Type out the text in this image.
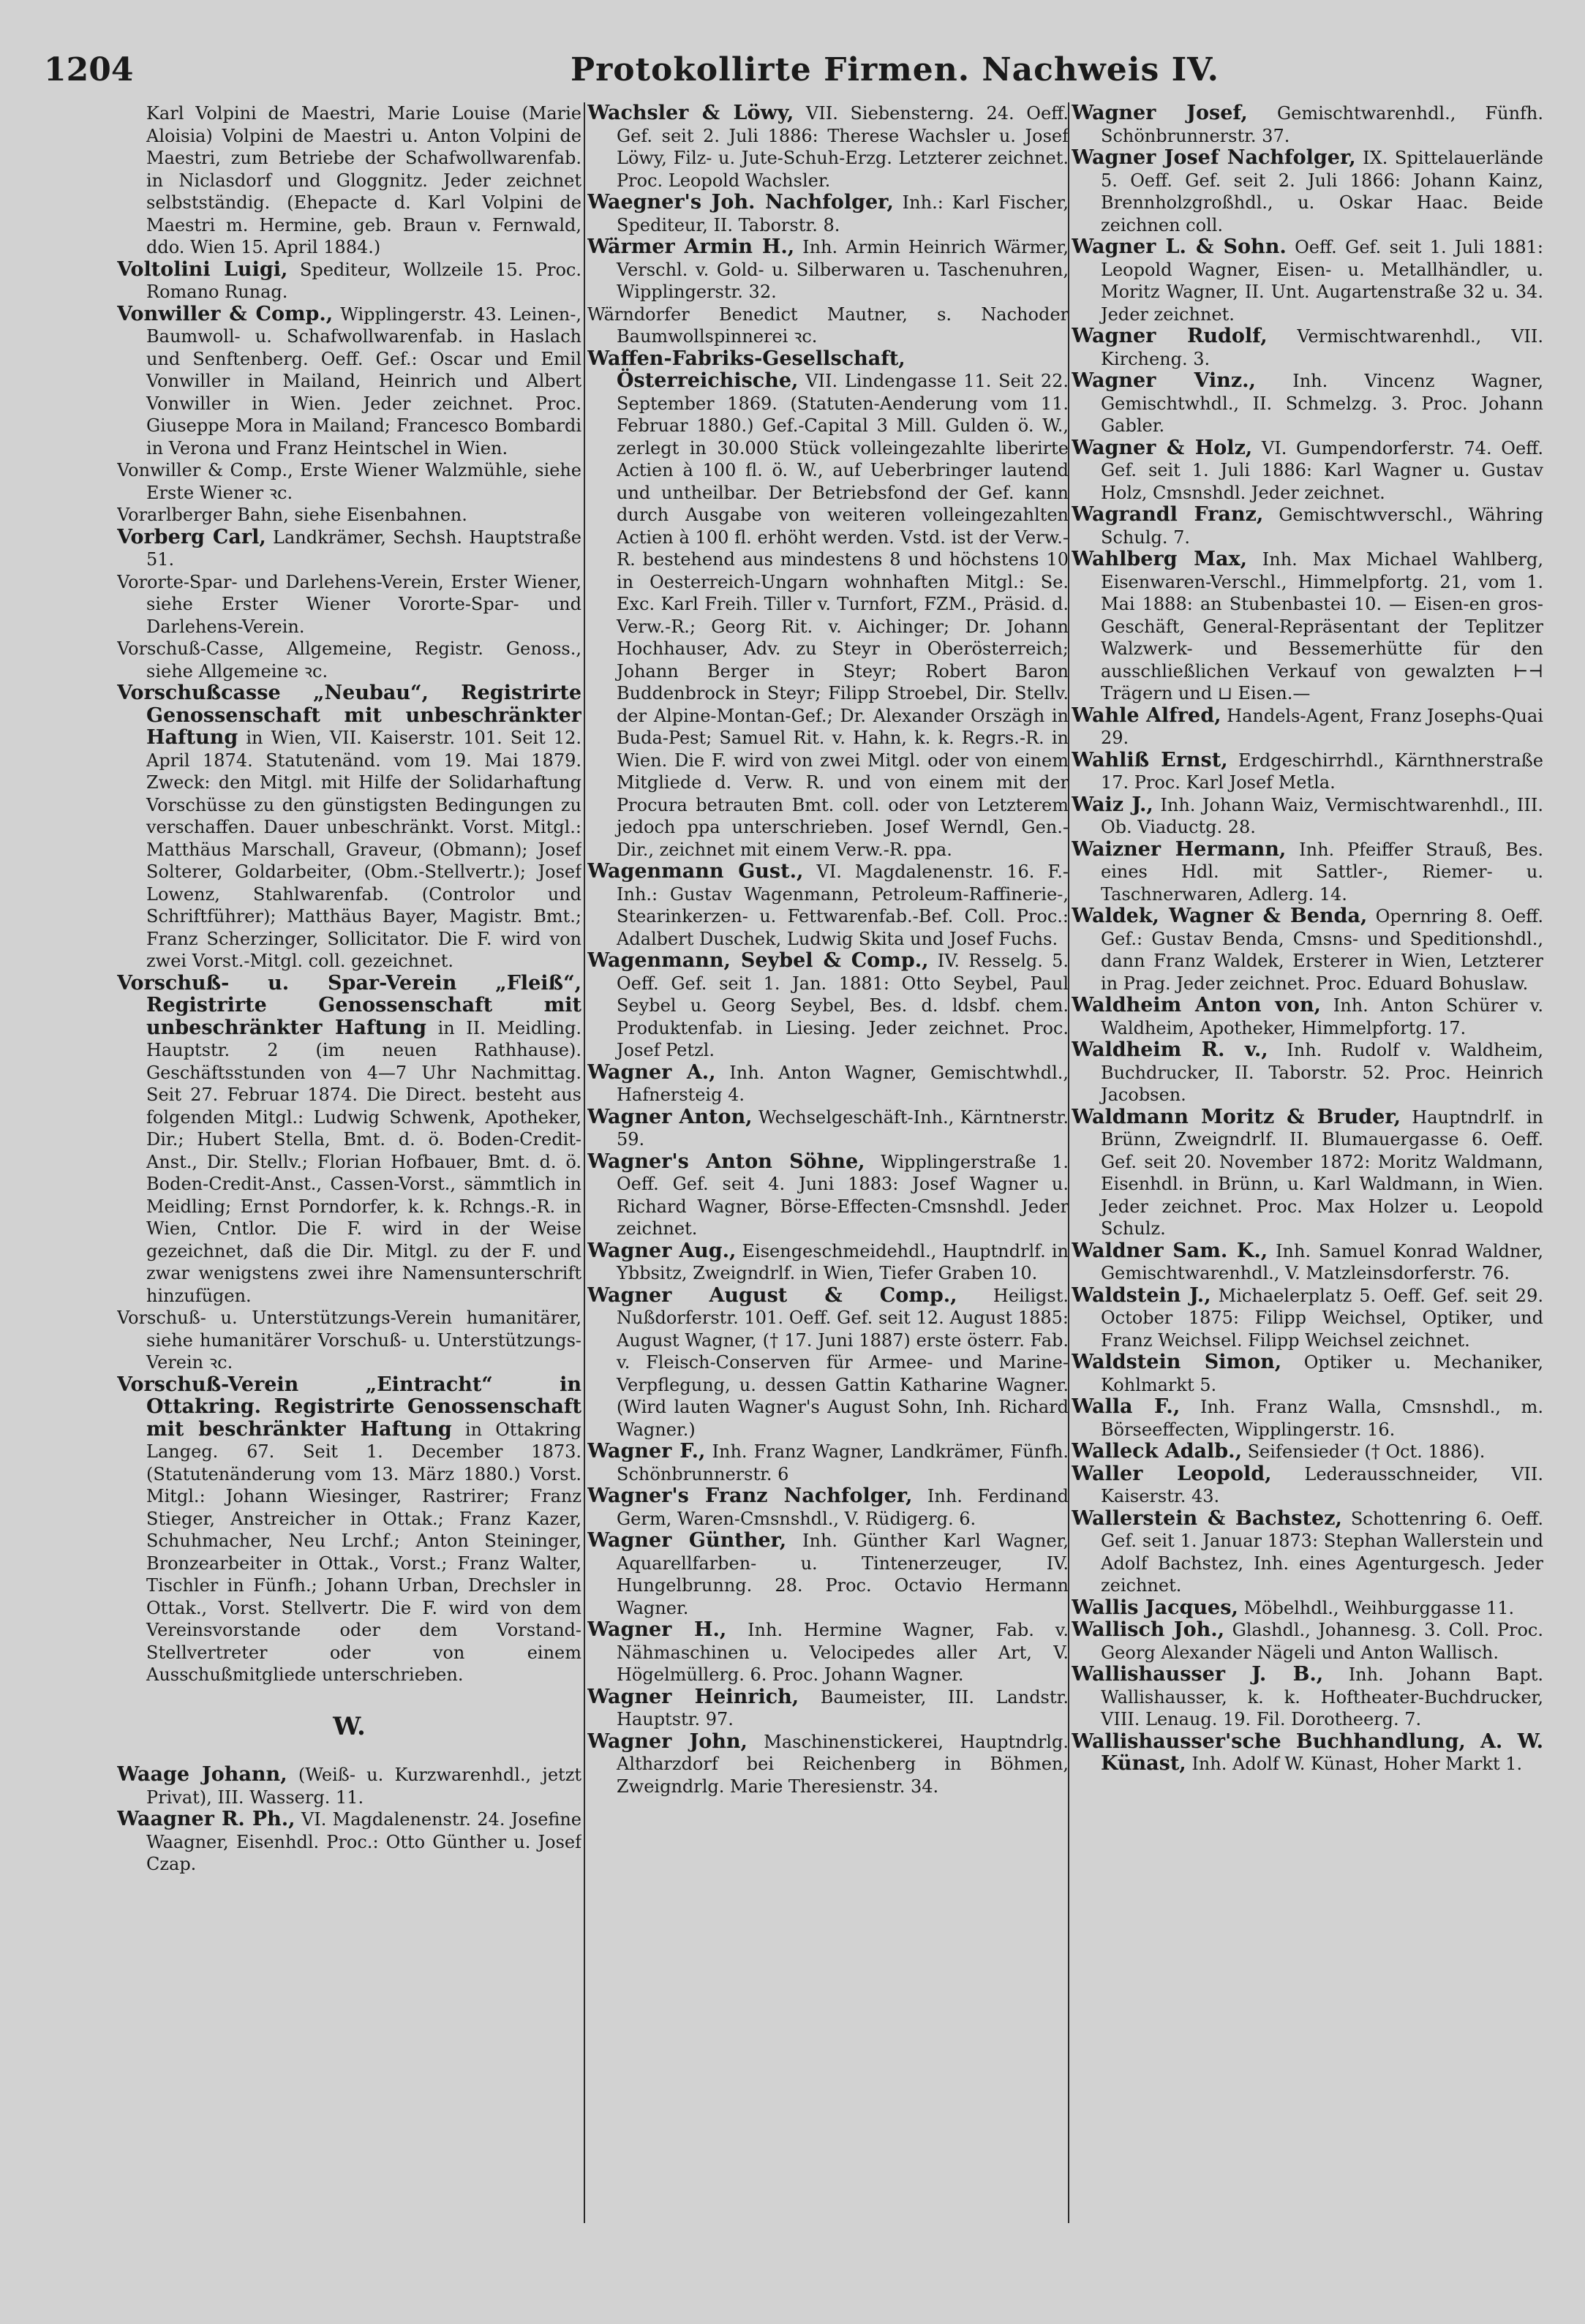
1204	Protokollirte Firmen. Nachweis IV.

Karl Volpini de Maestri, Marie Louise (Marie Aloisia) Volpini de Maestri u. Anton Volpini de Maestri, zum Betriebe der Schafwollwarenfab. in Niclasdorf und Gloggnitz. Jeder zeichnet selbstständig. (Ehepacte d. Karl Volpini de Maestri m. Hermine, geb. Braun v. Fernwald, ddo. Wien 15. April 1884.)

Voltolini Luigi, Spediteur, Wollzeile 15. Proc. Romano Runag.

Vonwiller & Comp., Wipplingerstr. 43. Leinen-, Baumwoll- u. Schafwollwarenfab. in Haslach und Senftenberg. Oeff. Gef.: Oscar und Emil Vonwiller in Mailand, Heinrich und Albert Vonwiller in Wien. Jeder zeichnet. Proc. Giuseppe Mora in Mailand; Francesco Bombardi in Verona und Franz Heintschel in Wien.

Vonwiller & Comp., Erste Wiener Walzmühle, siehe Erste Wiener ꝛc.

Vorarlberger Bahn, siehe Eisenbahnen.

Vorberg Carl, Landkrämer, Sechsh. Hauptstraße 51.

Vororte-Spar- und Darlehens-Verein, Erster Wiener, siehe Erster Wiener Vororte-Spar- und Darlehens-Verein.

Vorschuß-Casse, Allgemeine, Registr. Genoss., siehe Allgemeine ꝛc.

Vorschußcasse „Neubau“, Registrirte Genossenschaft mit unbeschränkter Haftung in Wien, VII. Kaiserstr. 101. Seit 12. April 1874. Statutenänd. vom 19. Mai 1879. Zweck: den Mitgl. mit Hilfe der Solidarhaftung Vorschüsse zu den günstigsten Bedingungen zu verschaffen. Dauer unbeschränkt. Vorst. Mitgl.: Matthäus Marschall, Graveur, (Obmann); Josef Solterer, Goldarbeiter, (Obm.-Stellvertr.); Josef Lowenz, Stahlwarenfab. (Controlor und Schriftführer); Matthäus Bayer, Magistr. Bmt.; Franz Scherzinger, Sollicitator. Die F. wird von zwei Vorst.-Mitgl. coll. gezeichnet.

Vorschuß- u. Spar-Verein „Fleiß“, Registrirte Genossenschaft mit unbeschränkter Haftung in II. Meidling. Hauptstr. 2 (im neuen Rathhause). Geschäftsstunden von 4—7 Uhr Nachmittag. Seit 27. Februar 1874. Die Direct. besteht aus folgenden Mitgl.: Ludwig Schwenk, Apotheker, Dir.; Hubert Stella, Bmt. d. ö. Boden-Credit-Anst., Dir. Stellv.; Florian Hofbauer, Bmt. d. ö. Boden-Credit-Anst., Cassen-Vorst., sämmtlich in Meidling; Ernst Porndorfer, k. k. Rchngs.-R. in Wien, Cntlor. Die F. wird in der Weise gezeichnet, daß die Dir. Mitgl. zu der F. und zwar wenigstens zwei ihre Namensunterschrift hinzufügen.

Vorschuß- u. Unterstützungs-Verein humanitärer, siehe humanitärer Vorschuß- u. Unterstützungs-Verein ꝛc.

Vorschuß-Verein „Eintracht“ in Ottakring. Registrirte Genossenschaft mit beschränkter Haftung in Ottakring Langeg. 67. Seit 1. December 1873. (Statutenänderung vom 13. März 1880.) Vorst. Mitgl.: Johann Wiesinger, Rastrirer; Franz Stieger, Anstreicher in Ottak.; Franz Kazer, Schuhmacher, Neu Lrchf.; Anton Steininger, Bronzearbeiter in Ottak., Vorst.; Franz Walter, Tischler in Fünfh.; Johann Urban, Drechsler in Ottak., Vorst. Stellvertr. Die F. wird von dem Vereinsvorstande oder dem Vorstand-Stellvertreter oder von einem Ausschußmitgliede unterschrieben.

W.

Waage Johann, (Weiß- u. Kurzwarenhdl., jetzt Privat), III. Wasserg. 11.

Waagner R. Ph., VI. Magdalenenstr. 24. Josefine Waagner, Eisenhdl. Proc.: Otto Günther u. Josef Czap.

Wachsler & Löwy, VII. Siebensterng. 24. Oeff. Gef. seit 2. Juli 1886: Therese Wachsler u. Josef Löwy, Filz- u. Jute-Schuh-Erzg. Letzterer zeichnet. Proc. Leopold Wachsler.

Waegner's Joh. Nachfolger, Inh.: Karl Fischer, Spediteur, II. Taborstr. 8.

Wärmer Armin H., Inh. Armin Heinrich Wärmer, Verschl. v. Gold- u. Silberwaren u. Taschenuhren, Wipplingerstr. 32.

Wärndorfer Benedict Mautner, s. Nachoder Baumwollspinnerei ꝛc.

Waffen-Fabriks-Gesellschaft, Österreichische, VII. Lindengasse 11. Seit 22. September 1869. (Statuten-Aenderung vom 11. Februar 1880.) Gef.-Capital 3 Mill. Gulden ö. W., zerlegt in 30.000 Stück volleingezahlte liberirte Actien à 100 fl. ö. W., auf Ueberbringer lautend und untheilbar. Der Betriebsfond der Gef. kann durch Ausgabe von weiteren volleingezahlten Actien à 100 fl. erhöht werden. Vstd. ist der Verw.-R. bestehend aus mindestens 8 und höchstens 10 in Oesterreich-Ungarn wohnhaften Mitgl.: Se. Exc. Karl Freih. Tiller v. Turnfort, FZM., Präsid. d. Verw.-R.; Georg Rit. v. Aichinger; Dr. Johann Hochhauser, Adv. zu Steyr in Oberösterreich; Johann Berger in Steyr; Robert Baron Buddenbrock in Steyr; Filipp Stroebel, Dir. Stellv. der Alpine-Montan-Gef.; Dr. Alexander Orszägh in Buda-Pest; Samuel Rit. v. Hahn, k. k. Regrs.-R. in Wien. Die F. wird von zwei Mitgl. oder von einem Mitgliede d. Verw. R. und von einem mit der Procura betrauten Bmt. coll. oder von Letzterem jedoch ppa unterschrieben. Josef Werndl, Gen.-Dir., zeichnet mit einem Verw.-R. ppa.

Wagenmann Gust., VI. Magdalenenstr. 16. F.-Inh.: Gustav Wagenmann, Petroleum-Raffinerie-, Stearinkerzen- u. Fettwarenfab.-Bef. Coll. Proc.: Adalbert Duschek, Ludwig Skita und Josef Fuchs.

Wagenmann, Seybel & Comp., IV. Resselg. 5. Oeff. Gef. seit 1. Jan. 1881: Otto Seybel, Paul Seybel u. Georg Seybel, Bes. d. ldsbf. chem. Produktenfab. in Liesing. Jeder zeichnet. Proc. Josef Petzl.

Wagner A., Inh. Anton Wagner, Gemischtwhdl., Hafnersteig 4.

Wagner Anton, Wechselgeschäft-Inh., Kärntnerstr. 59.

Wagner's Anton Söhne, Wipplingerstraße 1. Oeff. Gef. seit 4. Juni 1883: Josef Wagner u. Richard Wagner, Börse-Effecten-Cmsnshdl. Jeder zeichnet.

Wagner Aug., Eisengeschmeidehdl., Hauptndrlf. in Ybbsitz, Zweigndrlf. in Wien, Tiefer Graben 10.

Wagner August & Comp., Heiligst. Nußdorferstr. 101. Oeff. Gef. seit 12. August 1885: August Wagner, († 17. Juni 1887) erste österr. Fab. v. Fleisch-Conserven für Armee- und Marine-Verpflegung, u. dessen Gattin Katharine Wagner. (Wird lauten Wagner's August Sohn, Inh. Richard Wagner.)

Wagner F., Inh. Franz Wagner, Landkrämer, Fünfh. Schönbrunnerstr. 6

Wagner's Franz Nachfolger, Inh. Ferdinand Germ, Waren-Cmsnshdl., V. Rüdigerg. 6.

Wagner Günther, Inh. Günther Karl Wagner, Aquarellfarben- u. Tintenerzeuger, IV. Hungelbrunng. 28. Proc. Octavio Hermann Wagner.

Wagner H., Inh. Hermine Wagner, Fab. v. Nähmaschinen u. Velocipedes aller Art, V. Högelmüllerg. 6. Proc. Johann Wagner.

Wagner Heinrich, Baumeister, III. Landstr. Hauptstr. 97.

Wagner John, Maschinenstickerei, Hauptndrlg. Altharzdorf bei Reichenberg in Böhmen, Zweigndrlg. Marie Theresienstr. 34.

Wagner Josef, Gemischtwarenhdl., Fünfh. Schönbrunnerstr. 37.

Wagner Josef Nachfolger, IX. Spittelauerlände 5. Oeff. Gef. seit 2. Juli 1866: Johann Kainz, Brennholzgroßhdl., u. Oskar Haac. Beide zeichnen coll.

Wagner L. & Sohn. Oeff. Gef. seit 1. Juli 1881: Leopold Wagner, Eisen- u. Metallhändler, u. Moritz Wagner, II. Unt. Augartenstraße 32 u. 34. Jeder zeichnet.

Wagner Rudolf, Vermischtwarenhdl., VII. Kircheng. 3.

Wagner Vinz., Inh. Vincenz Wagner, Gemischtwhdl., II. Schmelzg. 3. Proc. Johann Gabler.

Wagner & Holz, VI. Gumpendorferstr. 74. Oeff. Gef. seit 1. Juli 1886: Karl Wagner u. Gustav Holz, Cmsnshdl. Jeder zeichnet.

Wagrandl Franz, Gemischtwverschl., Währing Schulg. 7.

Wahlberg Max, Inh. Max Michael Wahlberg, Eisenwaren-Verschl., Himmelpfortg. 21, vom 1. Mai 1888: an Stubenbastei 10. — Eisen-en gros-Geschäft, General-Repräsentant der Teplitzer Walzwerk- und Bessemerhütte für den ausschließlichen Verkauf von gewalzten ⊢⊣ Trägern und ⊔ Eisen.—

Wahle Alfred, Handels-Agent, Franz Josephs-Quai 29.

Wahliß Ernst, Erdgeschirrhdl., Kärnthnerstraße 17. Proc. Karl Josef Metla.

Waiz J., Inh. Johann Waiz, Vermischtwarenhdl., III. Ob. Viaductg. 28.

Waizner Hermann, Inh. Pfeiffer Strauß, Bes. eines Hdl. mit Sattler-, Riemer- u. Taschnerwaren, Adlerg. 14.

Waldek, Wagner & Benda, Opernring 8. Oeff. Gef.: Gustav Benda, Cmsns- und Speditionshdl., dann Franz Waldek, Ersterer in Wien, Letzterer in Prag. Jeder zeichnet. Proc. Eduard Bohuslaw.

Waldheim Anton von, Inh. Anton Schürer v. Waldheim, Apotheker, Himmelpfortg. 17.

Waldheim R. v., Inh. Rudolf v. Waldheim, Buchdrucker, II. Taborstr. 52. Proc. Heinrich Jacobsen.

Waldmann Moritz & Bruder, Hauptndrlf. in Brünn, Zweigndrlf. II. Blumauergasse 6. Oeff. Gef. seit 20. November 1872: Moritz Waldmann, Eisenhdl. in Brünn, u. Karl Waldmann, in Wien. Jeder zeichnet. Proc. Max Holzer u. Leopold Schulz.

Waldner Sam. K., Inh. Samuel Konrad Waldner, Gemischtwarenhdl., V. Matzleinsdorferstr. 76.

Waldstein J., Michaelerplatz 5. Oeff. Gef. seit 29. October 1875: Filipp Weichsel, Optiker, und Franz Weichsel. Filipp Weichsel zeichnet.

Waldstein Simon, Optiker u. Mechaniker, Kohlmarkt 5.

Walla F., Inh. Franz Walla, Cmsnshdl., m. Börseeffecten, Wipplingerstr. 16.

Walleck Adalb., Seifensieder († Oct. 1886).

Waller Leopold, Lederausschneider, VII. Kaiserstr. 43.

Wallerstein & Bachstez, Schottenring 6. Oeff. Gef. seit 1. Januar 1873: Stephan Wallerstein und Adolf Bachstez, Inh. eines Agenturgesch. Jeder zeichnet.

Wallis Jacques, Möbelhdl., Weihburggasse 11.

Wallisch Joh., Glashdl., Johannesg. 3. Coll. Proc. Georg Alexander Nägeli und Anton Wallisch.

Wallishausser J. B., Inh. Johann Bapt. Wallishausser, k. k. Hoftheater-Buchdrucker, VIII. Lenaug. 19. Fil. Dorotheerg. 7.

Wallishausser'sche Buchhandlung, A. W. Künast, Inh. Adolf W. Künast, Hoher Markt 1.
